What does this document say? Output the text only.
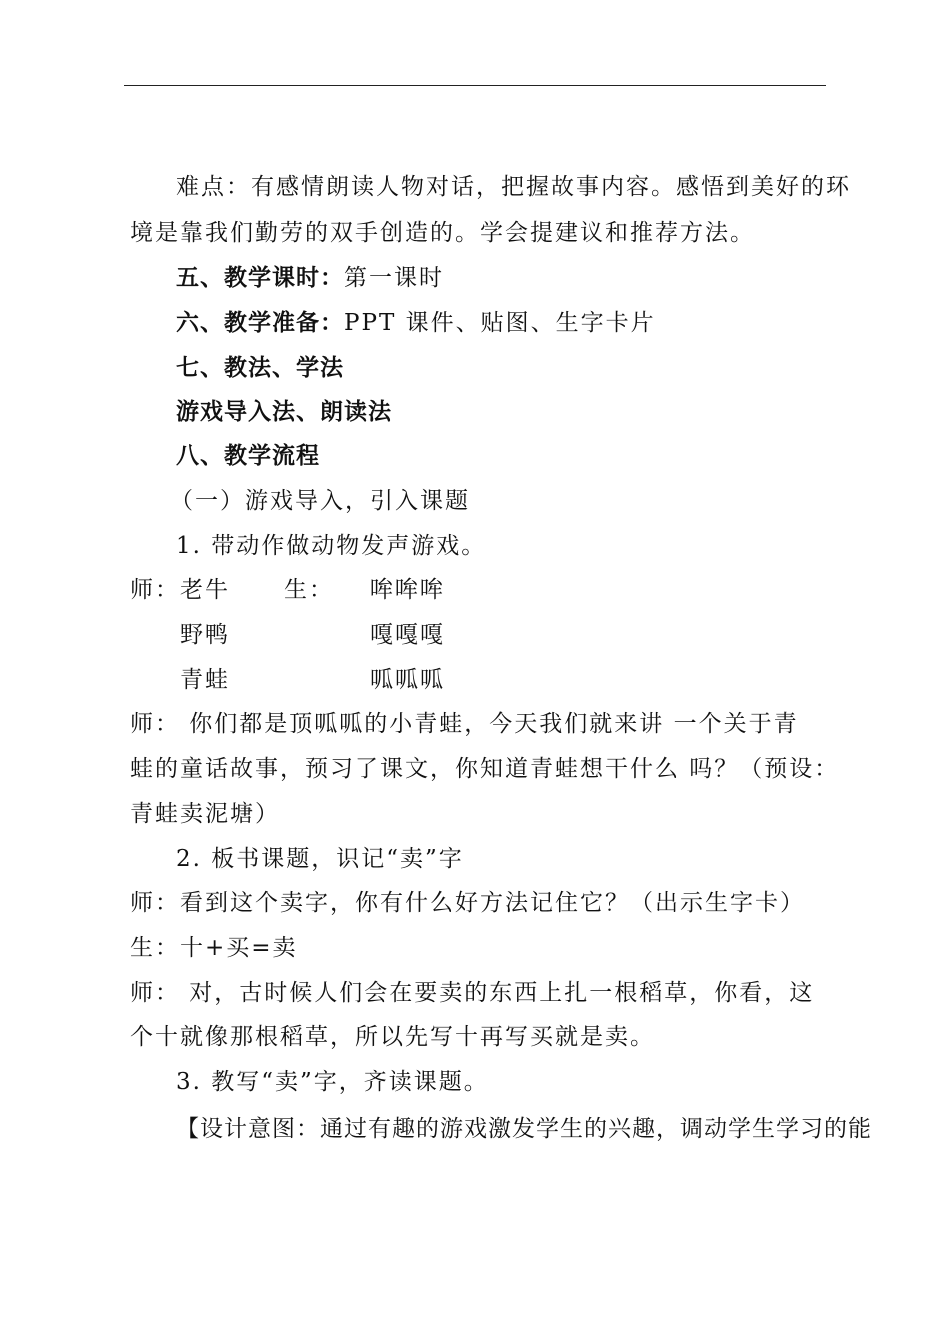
难点：有感情朗读人物对话，把握故事内容。感悟到美好的环
境是靠我们勤劳的双手创造的。学会提建议和推荐方法。
五、教学课时：第一课时
六、教学准备：PPT 课件、贴图、生字卡片
七、教法、学法
游戏导入法、朗读法
八、教学流程
（一）游戏导入，引入课题
1. 带动作做动物发声游戏。
师： 老牛 生： 哞哞哞
野鸭	嘎嘎嘎
青蛙	呱呱呱
师： 你们都是顶呱呱的小青蛙，今天我们就来讲 一个关于青
蛙的童话故事，预习了课文，你知道青蛙想干什么 吗？（预设：
青蛙卖泥塘）
2. 板书课题，识记“卖”字
师：看到这个卖字，你有什么好方法记住它？（出示生字卡）
生：十+买=卖
师： 对，古时候人们会在要卖的东西上扎一根稻草，你看，这
个十就像那根稻草，所以先写十再写买就是卖。
3. 教写“卖”字，齐读课题。
【设计意图：通过有趣的游戏激发学生的兴趣，调动学生学习的能
